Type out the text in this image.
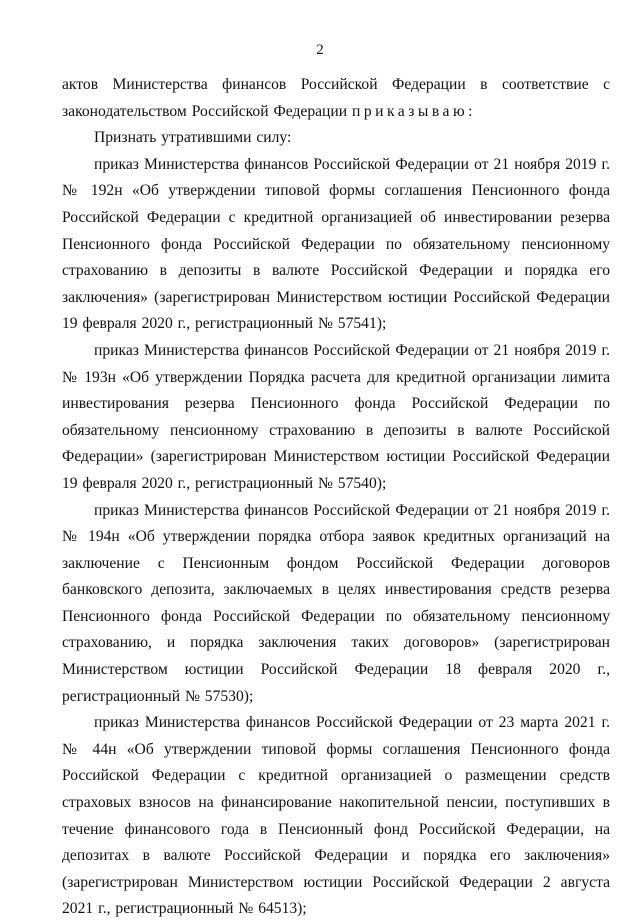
2

актов Министерства финансов Российской Федерации в соответствие с законодательством Российской Федерации приказываю:

Признать утратившими силу:

приказ Министерства финансов Российской Федерации от 21 ноября 2019 г. № 192н «Об утверждении типовой формы соглашения Пенсионного фонда Российской Федерации с кредитной организацией об инвестировании резерва Пенсионного фонда Российской Федерации по обязательному пенсионному страхованию в депозиты в валюте Российской Федерации и порядка его заключения» (зарегистрирован Министерством юстиции Российской Федерации 19 февраля 2020 г., регистрационный № 57541);

приказ Министерства финансов Российской Федерации от 21 ноября 2019 г. № 193н «Об утверждении Порядка расчета для кредитной организации лимита инвестирования резерва Пенсионного фонда Российской Федерации по обязательному пенсионному страхованию в депозиты в валюте Российской Федерации» (зарегистрирован Министерством юстиции Российской Федерации 19 февраля 2020 г., регистрационный № 57540);

приказ Министерства финансов Российской Федерации от 21 ноября 2019 г. № 194н «Об утверждении порядка отбора заявок кредитных организаций на заключение с Пенсионным фондом Российской Федерации договоров банковского депозита, заключаемых в целях инвестирования средств резерва Пенсионного фонда Российской Федерации по обязательному пенсионному страхованию, и порядка заключения таких договоров» (зарегистрирован Министерством юстиции Российской Федерации 18 февраля 2020 г., регистрационный № 57530);

приказ Министерства финансов Российской Федерации от 23 марта 2021 г. № 44н «Об утверждении типовой формы соглашения Пенсионного фонда Российской Федерации с кредитной организацией о размещении средств страховых взносов на финансирование накопительной пенсии, поступивших в течение финансового года в Пенсионный фонд Российской Федерации, на депозитах в валюте Российской Федерации и порядка его заключения» (зарегистрирован Министерством юстиции Российской Федерации 2 августа 2021 г., регистрационный № 64513);
